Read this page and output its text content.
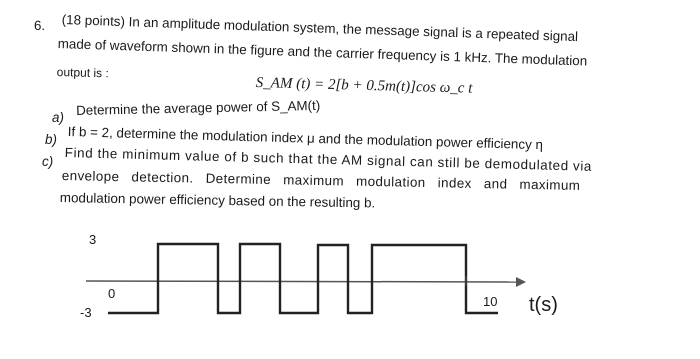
6. (18 points) In an amplitude modulation system, the message signal is a repeated signal
made of waveform shown in the figure and the carrier frequency is 1 kHz. The modulation
output is :
S_AM (t) = 2[b + 0.5m(t)]cos ω_c t
a) Determine the average power of S_AM(t)
b) If b = 2, determine the modulation index μ and the modulation power efficiency η
c) Find the minimum value of b such that the AM signal can still be demodulated via
envelope detection. Determine maximum modulation index and maximum
modulation power efficiency based on the resulting b.
3
0
-3
10 t(s)
